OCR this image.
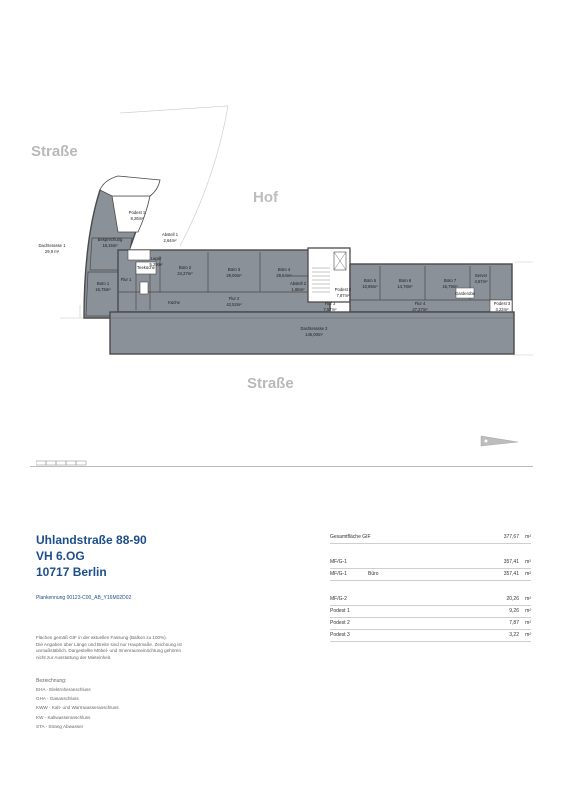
Podest 1
8,26m²
Abstell 1
2,64m²
Dachterasse 1
29,9 m²
Besprechung
18,15m²
Lager
5,29m²
Büro 1
16,75m²
Büro 2
24,27m²
Büro 3
29,00m²
Büro 4
29,54m²
Abstell 2
1,66m²
Flur 2
42,52m²
Podest 2
7,87m²
Flur 3
7,57m²
Büro 5
10,85m²
Büro 6
14,78m²
Büro 7
15,79m²
Server
4,57m²
Podest 3
3,22m²
Flur 4
27,27m²
Dachterasse 2
145,00m²
Küche
Teeküche
Garderobe
Flur 1
Straße
Hof
Straße
Uhlandstraße 88-90
VH 6.OG
10717 Berlin
Plankennung 00123-C00_AB_Y16M02D02
Flächen gemäß GIF in der aktuellen Fassung (Balkon zu 100%).
Die Angaben über Länge und Breite sind nur Hauptmaße. Zeichnung ist
unmaßstäblich. Dargestellte Möbel- und Innenraumeinrichtung gehören
nicht zur Ausstattung der Mieteinheit.
Bezeichnung:
EHA - Elektroheranschluss
GHA - Gasanschluss
KWW - Kalt- und Warmwasseranschluss
KW - Kaltwasseranschluss
STA - Strang Abwasser
Gesamtfläche GIF	377,67 m²
MF/G-1	357,41 m²
MF/G-1	Büro	357,41 m²
MF/G-2	20,26 m²
Podest 1	9,26 m²
Podest 2	7,87 m²
Podest 3	3,22 m²
